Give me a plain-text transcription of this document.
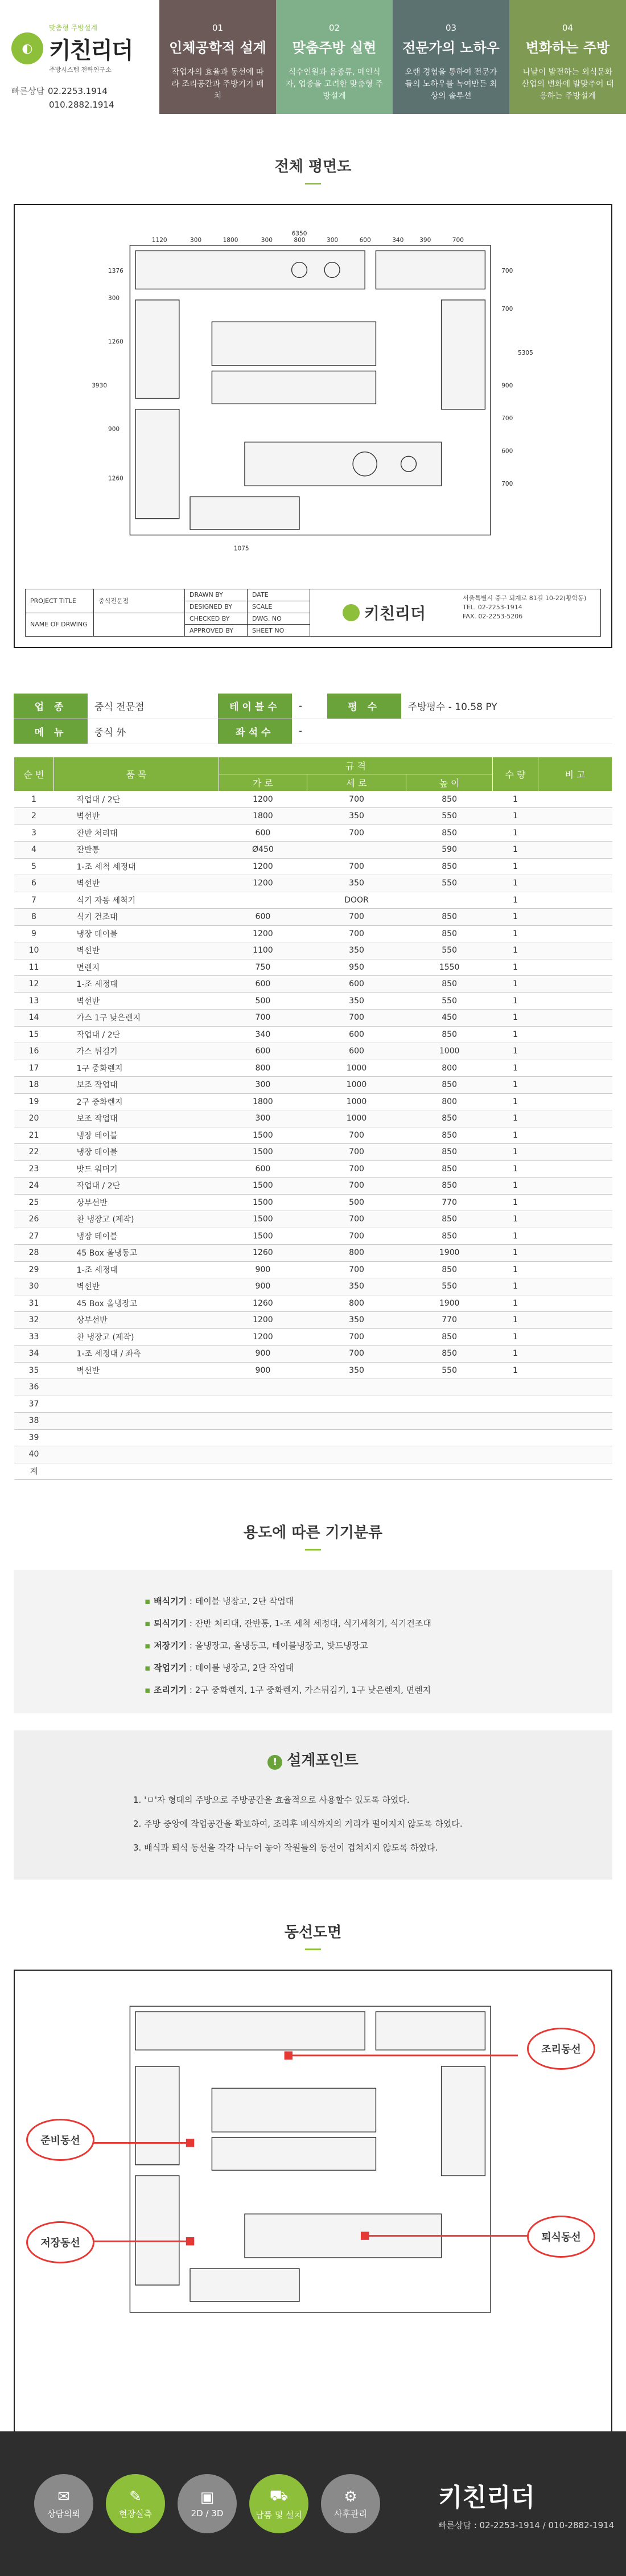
◐
맞춤형 주방설계
키친리더
주방시스템 전략연구소
빠른상담 02.2253.1914
010.2882.1914
01
인체공학적 설계
작업자의 효율과 동선에 따라 조리공간과 주방기기 배치
02
맞춤주방 실현
식수인원과 음종류, 메인식자, 업종을 고려한 맞춤형 주방설계
03
전문가의 노하우
오랜 경험을 통하여 전문가들의 노하우를 녹여만든 최상의 솔루션
04
변화하는 주방
나날이 발전하는 외식문화 산업의 변화에 발맞추어 대응하는 주방설계
전체 평면도
6350
1120	300	1800	300	800	300	600	340	390	700
1376
300
1260
3930
900
1260
700
700
5305
900
700
600
700
1075
PROJECT TITLE
NAME OF DRWING
중식전문점
DRAWN BY
DESIGNED BY
CHECKED BY
APPROVED BY
DATE
SCALE
DWG. NO
SHEET NO
키친리더
서울특별시 중구 퇴계로 81길 10-22(황학동)
TEL. 02-2253-1914
FAX. 02-2253-5206
업 종	중식 전문점	테이블수	-	평 수	주방평수 - 10.58 PY
메 뉴	중식 外	좌석수	-		
순 번	품 목	규 격			수 량	비 고
		가 로	세 로	높 이		
1	작업대 / 2단	1200	700	850	1	
2	벽선반	1800	350	550	1	
3	잔반 처리대	600	700	850	1	
4	잔반통	Ø450		590	1	
5	1-조 세척 세정대	1200	700	850	1	
6	벽선반	1200	350	550	1	
7	식기 자동 세척기		DOOR		1	
8	식기 건조대	600	700	850	1	
9	냉장 테이블	1200	700	850	1	
10	벽선반	1100	350	550	1	
11	면렌지	750	950	1550	1	
12	1-조 세정대	600	600	850	1	
13	벽선반	500	350	550	1	
14	가스 1구 낮은렌지	700	700	450	1	
15	작업대 / 2단	340	600	850	1	
16	가스 튀김기	600	600	1000	1	
17	1구 중화렌지	800	1000	800	1	
18	보조 작업대	300	1000	850	1	
19	2구 중화렌지	1800	1000	800	1	
20	보조 작업대	300	1000	850	1	
21	냉장 테이블	1500	700	850	1	
22	냉장 테이블	1500	700	850	1	
23	밧드 워머기	600	700	850	1	
24	작업대 / 2단	1500	700	850	1	
25	상부선반	1500	500	770	1	
26	찬 냉장고 (제작)	1500	700	850	1	
27	냉장 테이블	1500	700	850	1	
28	45 Box 올냉동고	1260	800	1900	1	
29	1-조 세정대	900	700	850	1	
30	벽선반	900	350	550	1	
31	45 Box 올냉장고	1260	800	1900	1	
32	상부선반	1200	350	770	1	
33	찬 냉장고 (제작)	1200	700	850	1	
34	1-조 세정대 / 좌측	900	700	850	1	
35	벽선반	900	350	550	1	
36						
37						
38						
39						
40						
계						
용도에 따른 기기분류
▪ 배식기기 : 테이블 냉장고, 2단 작업대
▪ 퇴식기기 : 잔반 처리대, 잔반통, 1-조 세척 세정대, 식기세척기, 식기건조대
▪ 저장기기 : 올냉장고, 올냉동고, 테이블냉장고, 밧드냉장고
▪ 작업기기 : 테이블 냉장고, 2단 작업대
▪ 조리기기 : 2구 중화렌지, 1구 중화렌지, 가스튀김기, 1구 낮은렌지, 면렌지
! 설계포인트
1. 'ㅁ'자 형태의 주방으로 주방공간을 효율적으로 사용할수 있도록 하였다.
2. 주방 중앙에 작업공간을 확보하여, 조리후 배식까지의 거리가 떨어지지 않도록 하였다.
3. 배식과 퇴식 동선을 각각 나누어 놓아 작원들의 동선이 겹쳐지지 않도록 하였다.
동선도면
조리동선
준비동선
저장동선	퇴식동선
✉
상담의뢰
✎
현장실측
▣
2D / 3D
⛟
납품 및 설치
⚙
사후관리
키친리더
빠른상담 : 02-2253-1914 / 010-2882-1914
